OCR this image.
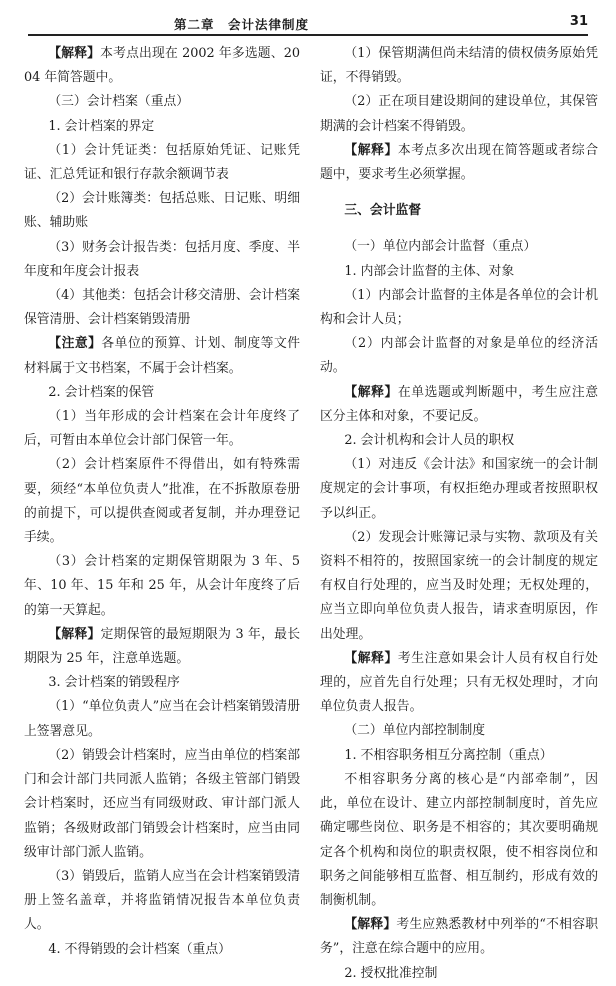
第二章　会计法律制度	31

【解释】本考点出现在 2002 年多选题、2004 年简答题中。

（三）会计档案（重点）

1. 会计档案的界定

（1）会计凭证类：包括原始凭证、记账凭证、汇总凭证和银行存款余额调节表

（2）会计账簿类：包括总账、日记账、明细账、辅助账

（3）财务会计报告类：包括月度、季度、半年度和年度会计报表

（4）其他类：包括会计移交清册、会计档案保管清册、会计档案销毁清册

【注意】各单位的预算、计划、制度等文件材料属于文书档案，不属于会计档案。

2. 会计档案的保管

（1）当年形成的会计档案在会计年度终了后，可暂由本单位会计部门保管一年。

（2）会计档案原件不得借出，如有特殊需要，须经“本单位负责人”批准，在不拆散原卷册的前提下，可以提供查阅或者复制，并办理登记手续。

（3）会计档案的定期保管期限为 3 年、5 年、10 年、15 年和 25 年，从会计年度终了后的第一天算起。

【解释】定期保管的最短期限为 3 年，最长期限为 25 年，注意单选题。

3. 会计档案的销毁程序

（1）“单位负责人”应当在会计档案销毁清册上签署意见。

（2）销毁会计档案时，应当由单位的档案部门和会计部门共同派人监销；各级主管部门销毁会计档案时，还应当有同级财政、审计部门派人监销；各级财政部门销毁会计档案时，应当由同级审计部门派人监销。

（3）销毁后，监销人应当在会计档案销毁清册上签名盖章，并将监销情况报告本单位负责人。

4. 不得销毁的会计档案（重点）

（1）保管期满但尚未结清的债权债务原始凭证，不得销毁。

（2）正在项目建设期间的建设单位，其保管期满的会计档案不得销毁。

【解释】本考点多次出现在简答题或者综合题中，要求考生必须掌握。

三、会计监督

（一）单位内部会计监督（重点）

1. 内部会计监督的主体、对象

（1）内部会计监督的主体是各单位的会计机构和会计人员；

（2）内部会计监督的对象是单位的经济活动。

【解释】在单选题或判断题中，考生应注意区分主体和对象，不要记反。

2. 会计机构和会计人员的职权

（1）对违反《会计法》和国家统一的会计制度规定的会计事项，有权拒绝办理或者按照职权予以纠正。

（2）发现会计账簿记录与实物、款项及有关资料不相符的，按照国家统一的会计制度的规定有权自行处理的，应当及时处理；无权处理的，应当立即向单位负责人报告，请求查明原因，作出处理。

【解释】考生注意如果会计人员有权自行处理的，应首先自行处理；只有无权处理时，才向单位负责人报告。

（二）单位内部控制制度

1. 不相容职务相互分离控制（重点）

不相容职务分离的核心是“内部牵制”，因此，单位在设计、建立内部控制制度时，首先应确定哪些岗位、职务是不相容的；其次要明确规定各个机构和岗位的职责权限，使不相容岗位和职务之间能够相互监督、相互制约，形成有效的制衡机制。

【解释】考生应熟悉教材中列举的“不相容职务”，注意在综合题中的应用。

2. 授权批准控制
